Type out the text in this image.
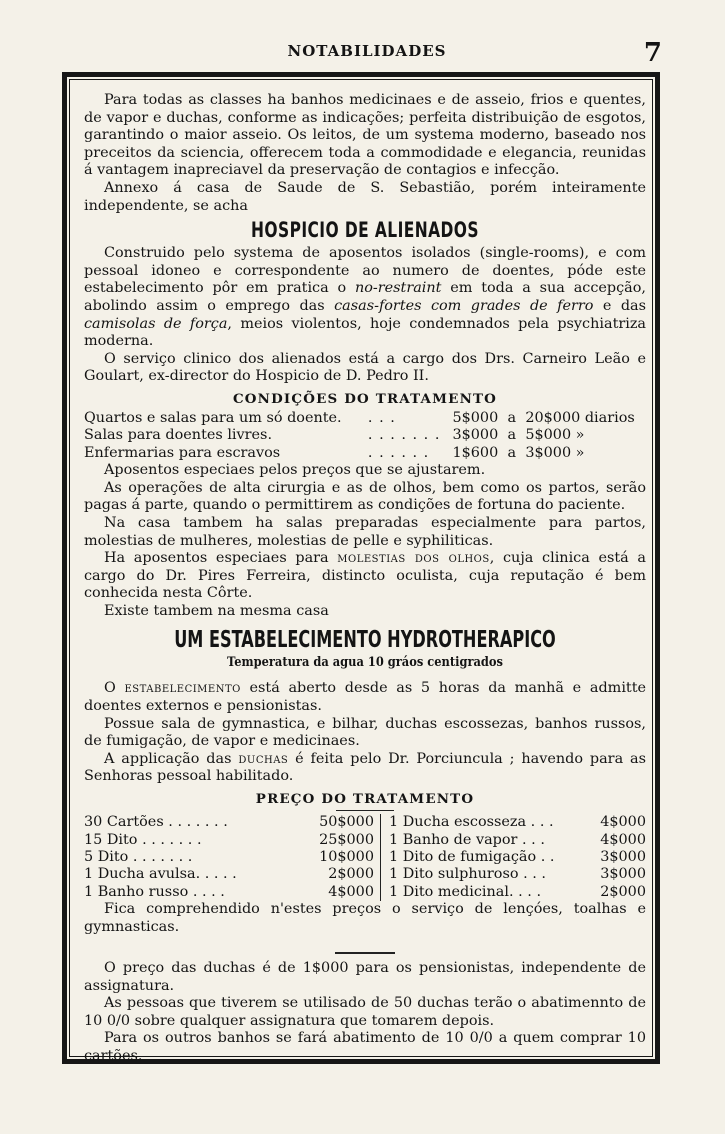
NOTABILIDADES	7

Para todas as classes ha banhos medicinaes e de asseio, frios e quentes, de vapor e duchas, conforme as indicações; perfeita distribuição de esgotos, garantindo o maior asseio. Os leitos, de um systema moderno, baseado nos preceitos da sciencia, offerecem toda a commodidade e elegancia, reunidas á vantagem inapreciavel da preservação de contagios e infecção.

Annexo á casa de Saude de S. Sebastião, porém inteiramente independente, se acha

HOSPICIO DE ALIENADOS

Construido pelo systema de aposentos isolados (single-rooms), e com pessoal idoneo e correspondente ao numero de doentes, póde este estabelecimento pôr em pratica o no-restraint em toda a sua accepção, abolindo assim o emprego das casas-fortes com grades de ferro e das camisolas de força, meios violentos, hoje condemnados pela psychiatriza moderna.

O serviço clinico dos alienados está a cargo dos Drs. Carneiro Leão e Goulart, ex-director do Hospicio de D. Pedro II.

CONDIÇÕES DO TRATAMENTO
Quartos e salas para um só doente.	. . .	5$000	a	20$000 diarios
Salas para doentes livres.	. . . . . . .	3$000	a	5$000 »
Enfermarias para escravos	. . . . . .	1$600	a	3$000 »

Aposentos especiaes pelos preços que se ajustarem.

As operações de alta cirurgia e as de olhos, bem como os partos, serão pagas á parte, quando o permittirem as condições de fortuna do paciente.

Na casa tambem ha salas preparadas especialmente para partos, molestias de mulheres, molestias de pelle e syphiliticas.

Ha aposentos especiaes para molestias dos olhos, cuja clinica está a cargo do Dr. Pires Ferreira, distincto oculista, cuja reputação é bem conhecida nesta Côrte.

Existe tambem na mesma casa

UM ESTABELECIMENTO HYDROTHERAPICO
Temperatura da agua 10 gráos centigrados

O estabelecimento está aberto desde as 5 horas da manhã e admitte doentes externos e pensionistas.

Possue sala de gymnastica, e bilhar, duchas escossezas, banhos russos, de fumigação, de vapor e medicinaes.

A applicação das duchas é feita pelo Dr. Porciuncula ; havendo para as Senhoras pessoal habilitado.

PREÇO DO TRATAMENTO
30 Cartões . . . . . . .	50$000
15 Dito . . . . . . .	25$000
5 Dito . . . . . . .	10$000
1 Ducha avulsa. . . . .	2$000
1 Banho russo . . . .	4$000
1 Ducha escosseza . . .	4$000
1 Banho de vapor . . .	4$000
1 Dito de fumigação . .	3$000
1 Dito sulphuroso . . .	3$000
1 Dito medicinal. . . .	2$000

Fica comprehendido n'estes preços o serviço de lençóes, toalhas e gymnasticas.

O preço das duchas é de 1$000 para os pensionistas, independente de assignatura.

As pessoas que tiverem se utilisado de 50 duchas terão o abatimennto de 10 0/0 sobre qualquer assignatura que tomarem depois.

Para os outros banhos se fará abatimento de 10 0/0 a quem comprar 10 cartões.
